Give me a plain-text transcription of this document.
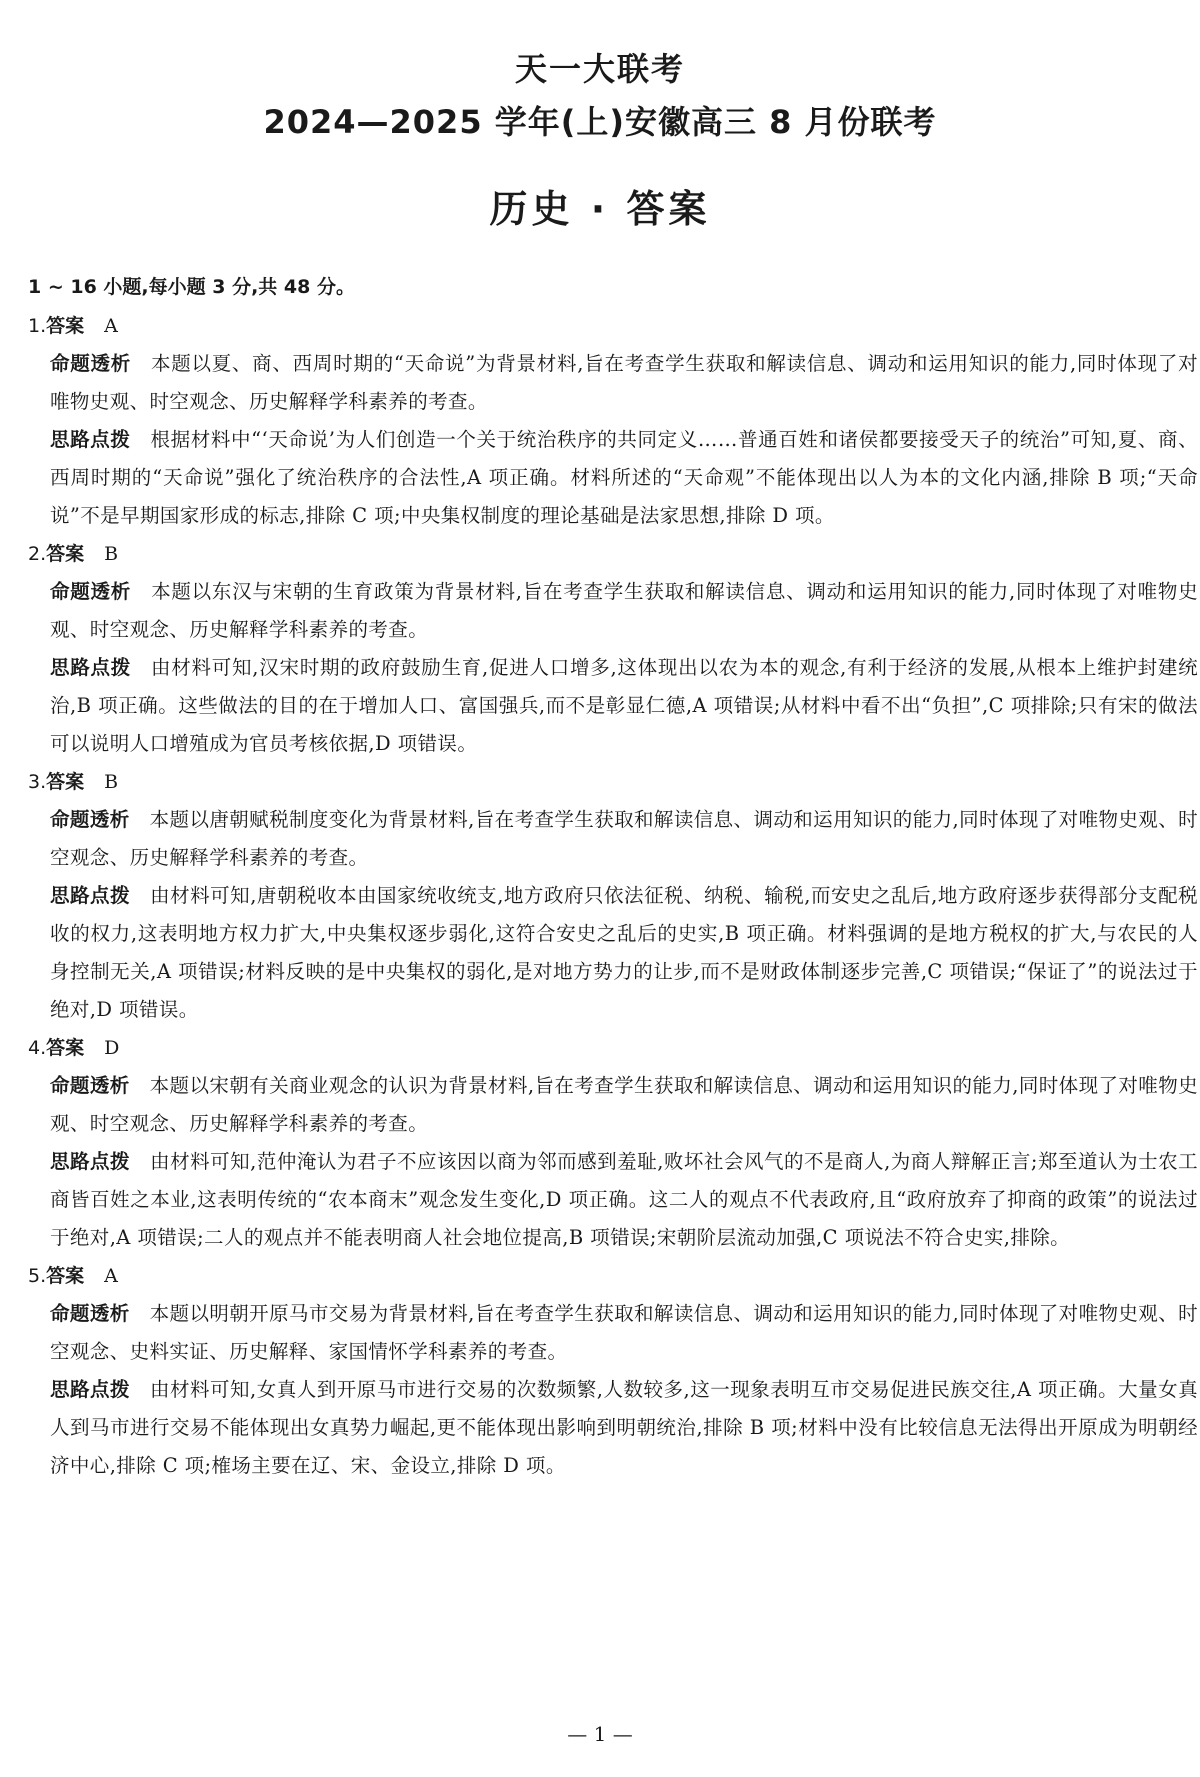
天一大联考
2024—2025 学年(上)安徽高三 8 月份联考
历史 · 答案
1 ~ 16 小题,每小题 3 分,共 48 分。
1.答案 A

命题透析 本题以夏、商、西周时期的“天命说”为背景材料,旨在考查学生获取和解读信息、调动和运用知识的能力,同时体现了对唯物史观、时空观念、历史解释学科素养的考查。

思路点拨 根据材料中“‘天命说’为人们创造一个关于统治秩序的共同定义……普通百姓和诸侯都要接受天子的统治”可知,夏、商、西周时期的“天命说”强化了统治秩序的合法性,A 项正确。材料所述的“天命观”不能体现出以人为本的文化内涵,排除 B 项;“天命说”不是早期国家形成的标志,排除 C 项;中央集权制度的理论基础是法家思想,排除 D 项。

2.答案 B

命题透析 本题以东汉与宋朝的生育政策为背景材料,旨在考查学生获取和解读信息、调动和运用知识的能力,同时体现了对唯物史观、时空观念、历史解释学科素养的考查。

思路点拨 由材料可知,汉宋时期的政府鼓励生育,促进人口增多,这体现出以农为本的观念,有利于经济的发展,从根本上维护封建统治,B 项正确。这些做法的目的在于增加人口、富国强兵,而不是彰显仁德,A 项错误;从材料中看不出“负担”,C 项排除;只有宋的做法可以说明人口增殖成为官员考核依据,D 项错误。

3.答案 B

命题透析 本题以唐朝赋税制度变化为背景材料,旨在考查学生获取和解读信息、调动和运用知识的能力,同时体现了对唯物史观、时空观念、历史解释学科素养的考查。

思路点拨 由材料可知,唐朝税收本由国家统收统支,地方政府只依法征税、纳税、输税,而安史之乱后,地方政府逐步获得部分支配税收的权力,这表明地方权力扩大,中央集权逐步弱化,这符合安史之乱后的史实,B 项正确。材料强调的是地方税权的扩大,与农民的人身控制无关,A 项错误;材料反映的是中央集权的弱化,是对地方势力的让步,而不是财政体制逐步完善,C 项错误;“保证了”的说法过于绝对,D 项错误。

4.答案 D

命题透析 本题以宋朝有关商业观念的认识为背景材料,旨在考查学生获取和解读信息、调动和运用知识的能力,同时体现了对唯物史观、时空观念、历史解释学科素养的考查。

思路点拨 由材料可知,范仲淹认为君子不应该因以商为邻而感到羞耻,败坏社会风气的不是商人,为商人辩解正言;郑至道认为士农工商皆百姓之本业,这表明传统的“农本商末”观念发生变化,D 项正确。这二人的观点不代表政府,且“政府放弃了抑商的政策”的说法过于绝对,A 项错误;二人的观点并不能表明商人社会地位提高,B 项错误;宋朝阶层流动加强,C 项说法不符合史实,排除。

5.答案 A

命题透析 本题以明朝开原马市交易为背景材料,旨在考查学生获取和解读信息、调动和运用知识的能力,同时体现了对唯物史观、时空观念、史料实证、历史解释、家国情怀学科素养的考查。

思路点拨 由材料可知,女真人到开原马市进行交易的次数频繁,人数较多,这一现象表明互市交易促进民族交往,A 项正确。大量女真人到马市进行交易不能体现出女真势力崛起,更不能体现出影响到明朝统治,排除 B 项;材料中没有比较信息无法得出开原成为明朝经济中心,排除 C 项;榷场主要在辽、宋、金设立,排除 D 项。

— 1 —
